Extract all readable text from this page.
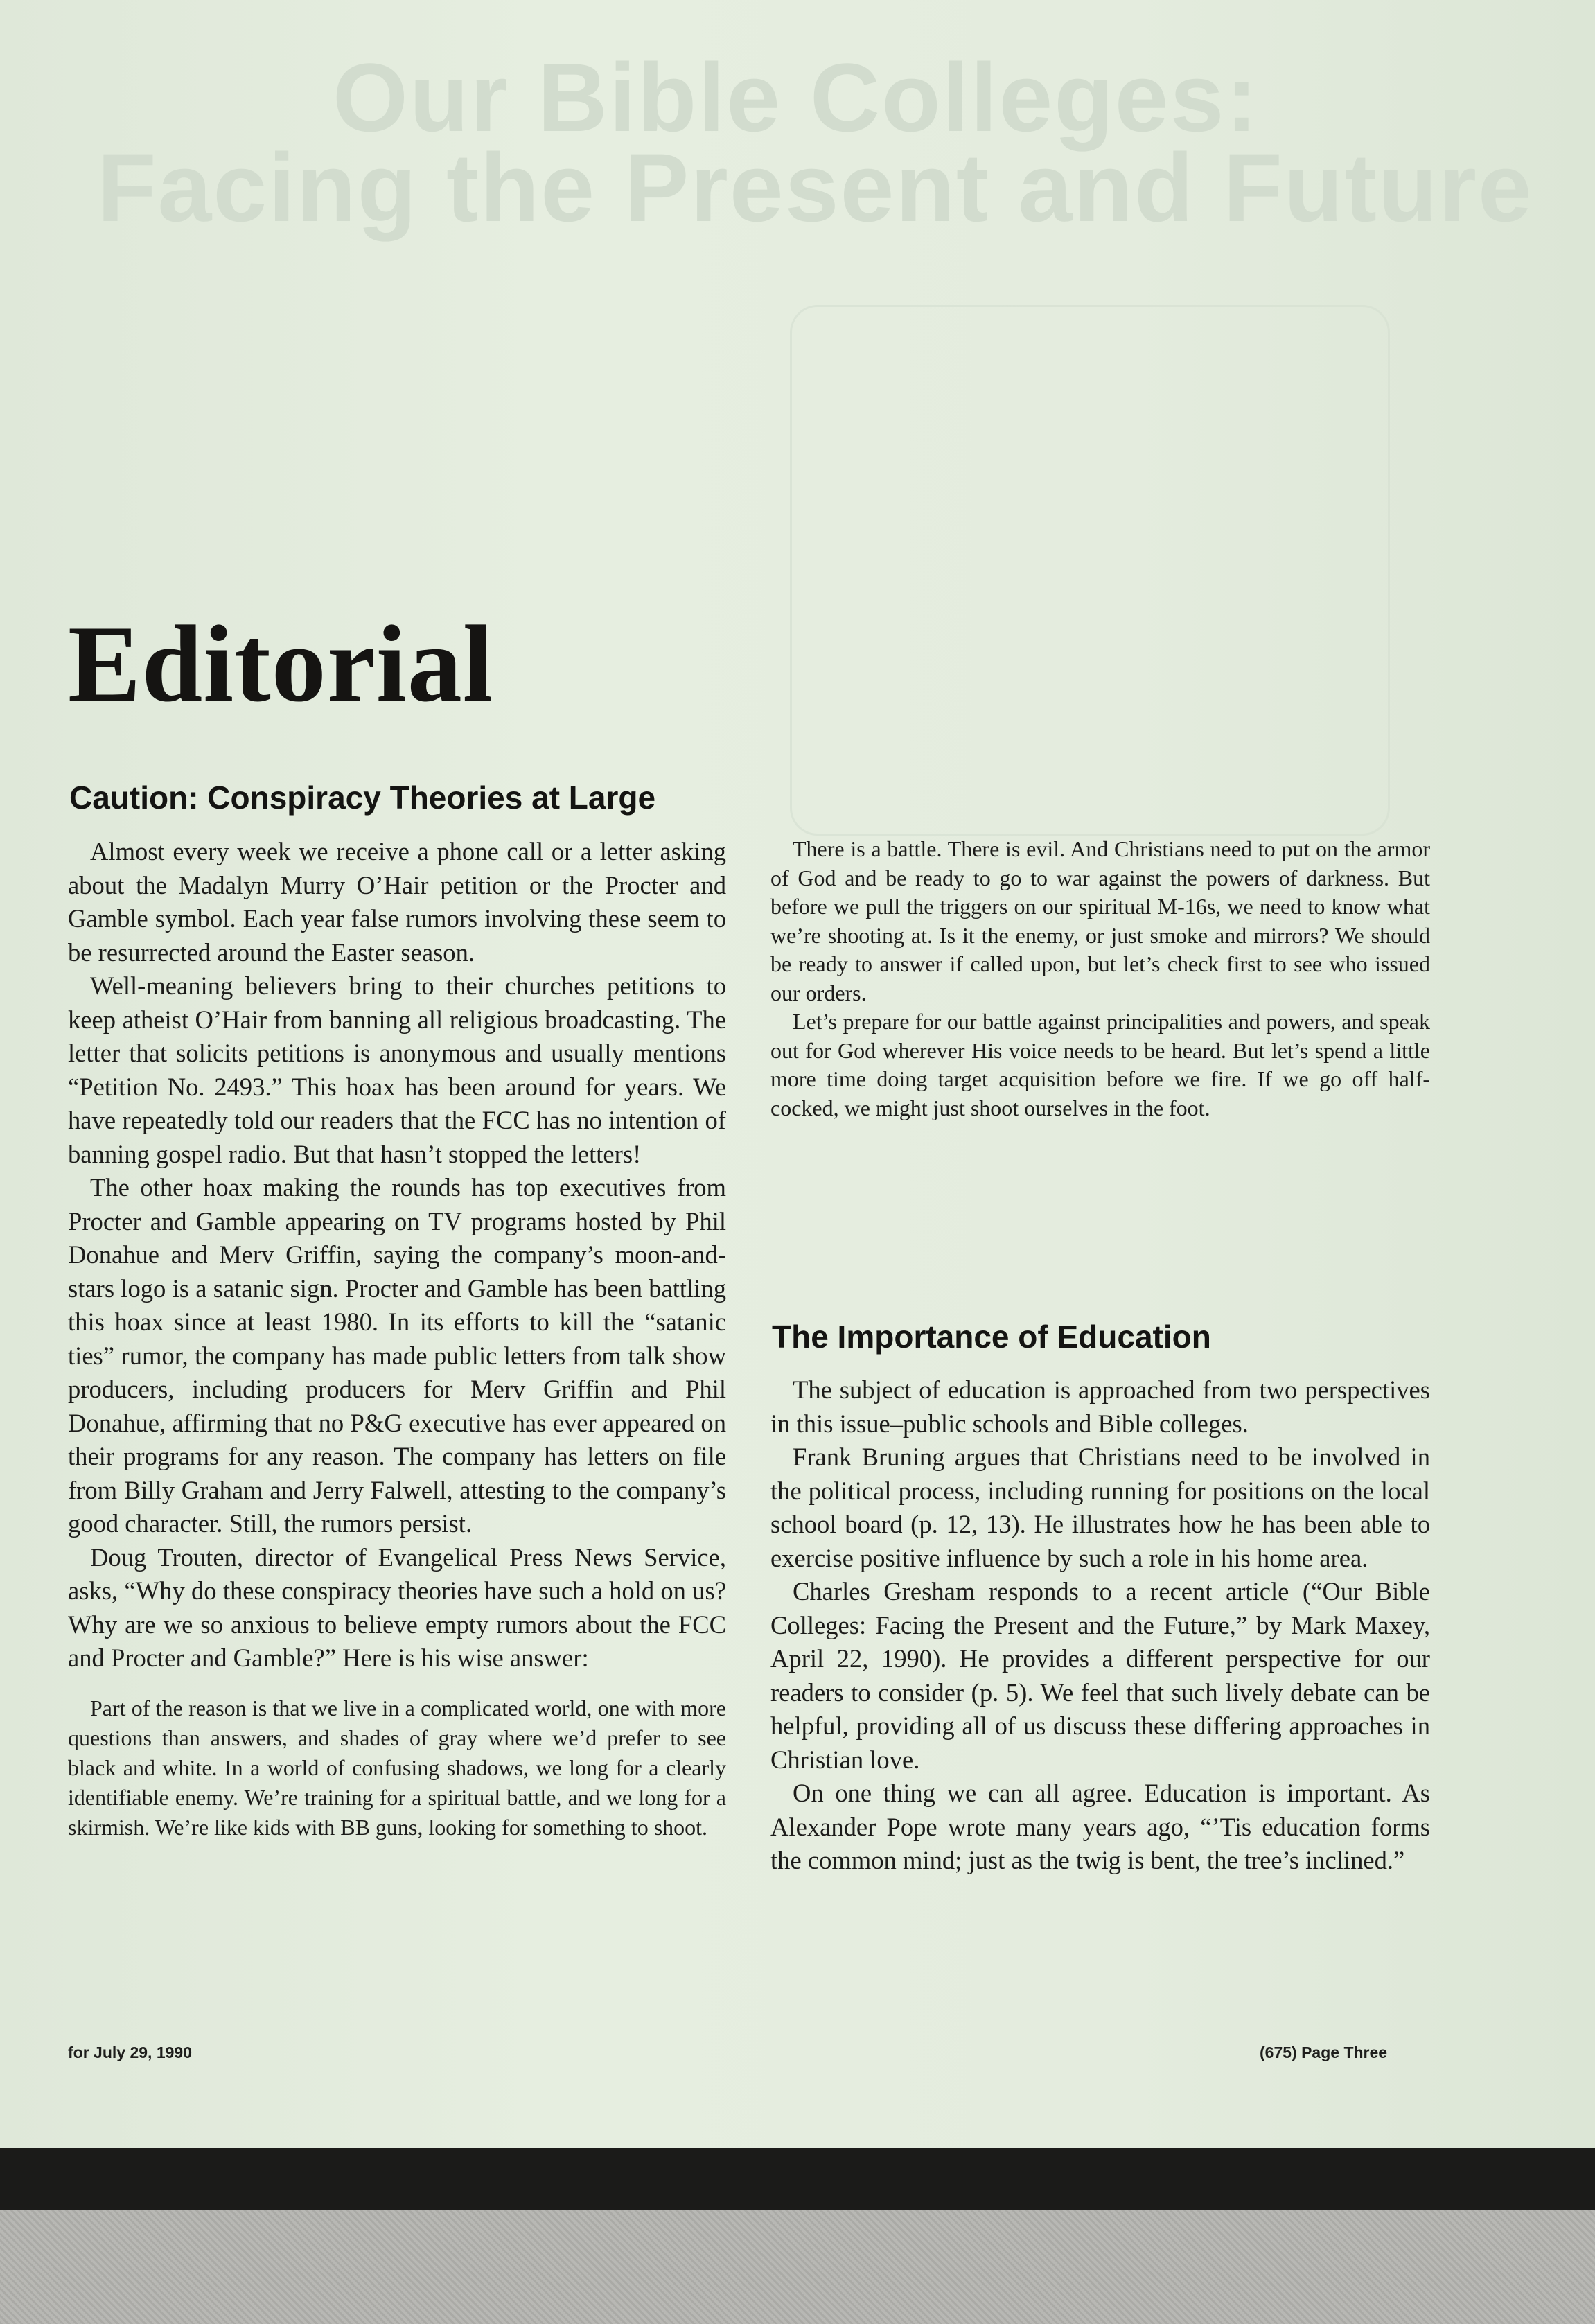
Our Bible Colleges:
Facing the Present and Future
Editorial
Caution: Conspiracy Theories at Large

Almost every week we receive a phone call or a letter asking about the Madalyn Murry O’Hair petition or the Procter and Gamble symbol. Each year false rumors involving these seem to be resurrected around the Easter season.

Well-meaning believers bring to their churches petitions to keep atheist O’Hair from banning all religious broadcasting. The letter that solicits petitions is anonymous and usually mentions “Petition No. 2493.” This hoax has been around for years. We have repeatedly told our readers that the FCC has no intention of banning gospel radio. But that hasn’t stopped the letters!

The other hoax making the rounds has top executives from Procter and Gamble appearing on TV programs hosted by Phil Donahue and Merv Griffin, saying the company’s moon-and-stars logo is a satanic sign. Procter and Gamble has been battling this hoax since at least 1980. In its efforts to kill the “satanic ties” rumor, the company has made public letters from talk show producers, including producers for Merv Griffin and Phil Donahue, affirming that no P&G executive has ever appeared on their programs for any reason. The company has letters on file from Billy Graham and Jerry Falwell, attesting to the company’s good character. Still, the rumors persist.

Doug Trouten, director of Evangelical Press News Service, asks, “Why do these conspiracy theories have such a hold on us? Why are we so anxious to believe empty rumors about the FCC and Procter and Gamble?” Here is his wise answer:

Part of the reason is that we live in a complicated world, one with more questions than answers, and shades of gray where we’d prefer to see black and white. In a world of confusing shadows, we long for a clearly identifiable enemy. We’re training for a spiritual battle, and we long for a skirmish. We’re like kids with BB guns, looking for something to shoot.

There is a battle. There is evil. And Christians need to put on the armor of God and be ready to go to war against the powers of darkness. But before we pull the triggers on our spiritual M-16s, we need to know what we’re shooting at. Is it the enemy, or just smoke and mirrors? We should be ready to answer if called upon, but let’s check first to see who issued our orders.

Let’s prepare for our battle against principalities and powers, and speak out for God wherever His voice needs to be heard. But let’s spend a little more time doing target acquisition before we fire. If we go off half-cocked, we might just shoot ourselves in the foot.

The Importance of Education

The subject of education is approached from two perspectives in this issue–public schools and Bible colleges.

Frank Bruning argues that Christians need to be involved in the political process, including running for positions on the local school board (p. 12, 13). He illustrates how he has been able to exercise positive influence by such a role in his home area.

Charles Gresham responds to a recent article (“Our Bible Colleges: Facing the Present and the Future,” by Mark Maxey, April 22, 1990). He provides a different perspective for our readers to consider (p. 5). We feel that such lively debate can be helpful, providing all of us discuss these differing approaches in Christian love.

On one thing we can all agree. Education is important. As Alexander Pope wrote many years ago, “’Tis education forms the common mind; just as the twig is bent, the tree’s inclined.”

for July 29, 1990	(675) Page Three
